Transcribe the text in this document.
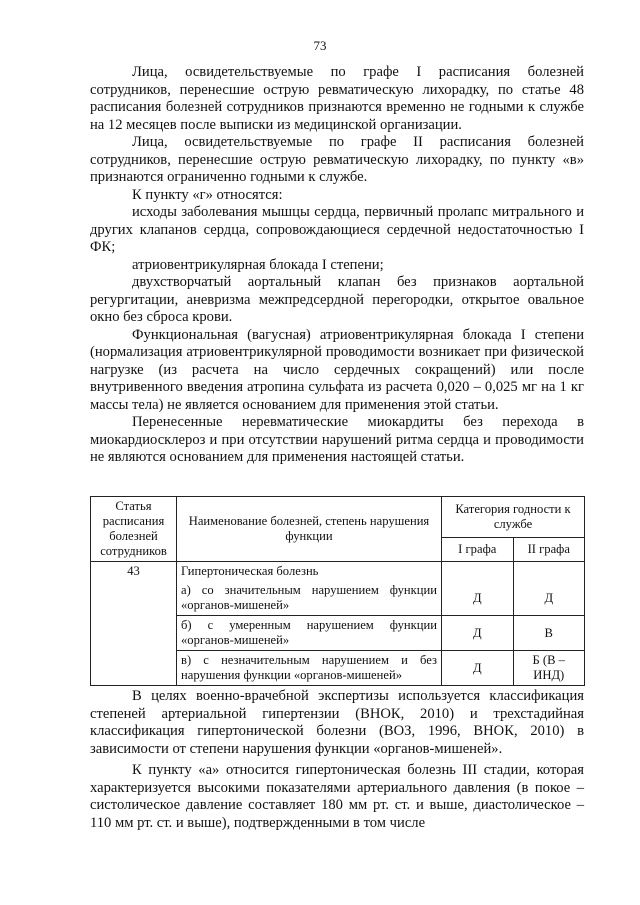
73

Лица, освидетельствуемые по графе I расписания болезней сотрудников, перенесшие острую ревматическую лихорадку, по статье 48 расписания болезней сотрудников признаются временно не годными к службе на 12 месяцев после выписки из медицинской организации.

Лица, освидетельствуемые по графе II расписания болезней сотрудников, перенесшие острую ревматическую лихорадку, по пункту «в» признаются ограниченно годными к службе.

К пункту «г» относятся:

исходы заболевания мышцы сердца, первичный пролапс митрального и других клапанов сердца, сопровождающиеся сердечной недостаточностью I ФК;

атриовентрикулярная блокада I степени;

двухстворчатый аортальный клапан без признаков аортальной регургитации, аневризма межпредсердной перегородки, открытое овальное окно без сброса крови.

Функциональная (вагусная) атриовентрикулярная блокада I степени (нормализация атриовентрикулярной проводимости возникает при физической нагрузке (из расчета на число сердечных сокращений) или после внутривенного введения атропина сульфата из расчета 0,020 – 0,025 мг на 1 кг массы тела) не является основанием для применения этой статьи.

Перенесенные неревматические миокардиты без перехода в миокардиосклероз и при отсутствии нарушений ритма сердца и проводимости не являются основанием для применения настоящей статьи.

Статья расписания болезней сотрудников	Наименование болезней, степень нарушения функции	Категория годности к службе	
		I графа	II графа
43	Гипертоническая болезнь		
	а) со значительным нарушением функции «органов-мишеней»	Д	Д
	б) с умеренным нарушением функции «органов-мишеней»	Д	В
	в) с незначительным нарушением и без нарушения функции «органов-мишеней»	Д	Б (В – ИНД)

В целях военно-врачебной экспертизы используется классификация степеней артериальной гипертензии (ВНОК, 2010) и трехстадийная классификация гипертонической болезни (ВОЗ, 1996, ВНОК, 2010) в зависимости от степени нарушения функции «органов-мишеней».

К пункту «а» относится гипертоническая болезнь III стадии, которая характеризуется высокими показателями артериального давления (в покое – систолическое давление составляет 180 мм рт. ст. и выше, диастолическое – 110 мм рт. ст. и выше), подтвержденными в том числе
